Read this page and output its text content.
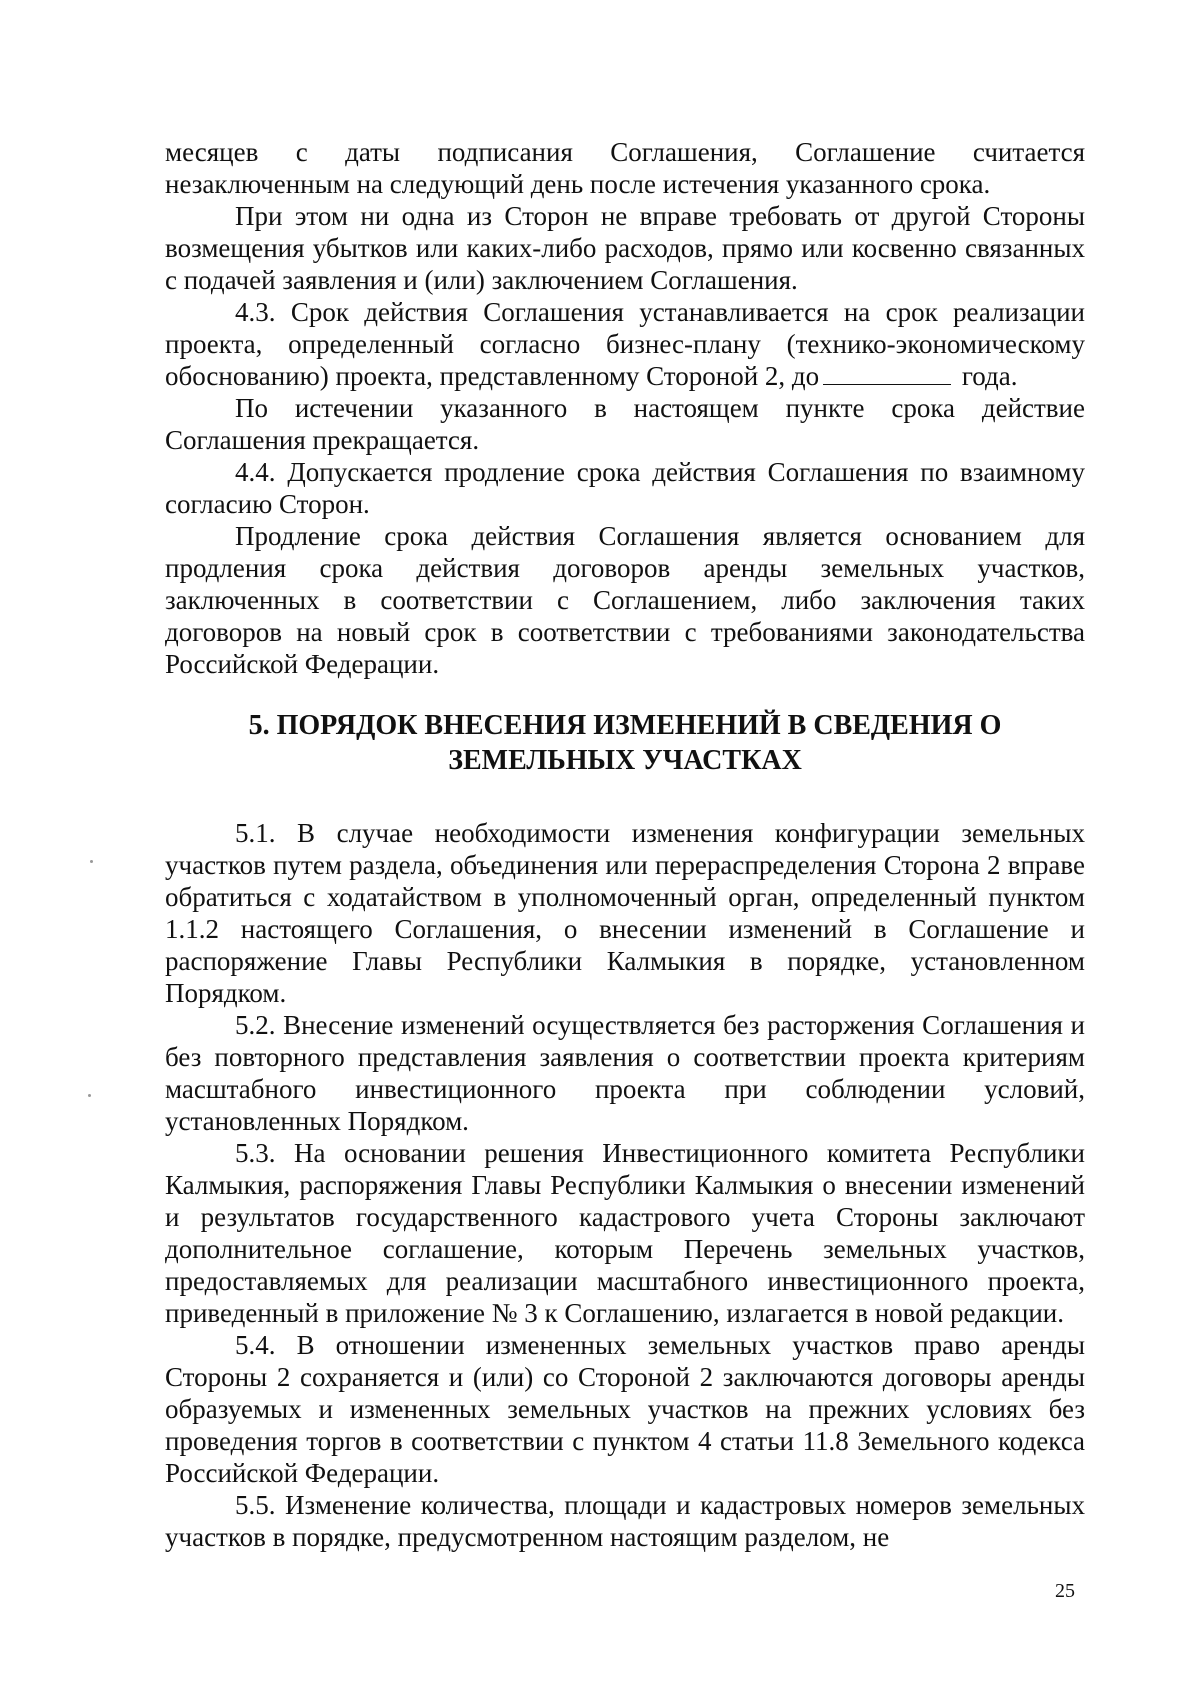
месяцев с даты подписания Соглашения, Соглашение считается незаключенным на следующий день после истечения указанного срока.

При этом ни одна из Сторон не вправе требовать от другой Стороны возмещения убытков или каких-либо расходов, прямо или косвенно связанных с подачей заявления и (или) заключением Соглашения.

4.3. Срок действия Соглашения устанавливается на срок реализации проекта, определенный согласно бизнес-плану (технико-экономическому обоснованию) проекта, представленному Стороной 2, до	года.

По истечении указанного в настоящем пункте срока действие Соглашения прекращается.

4.4. Допускается продление срока действия Соглашения по взаимному согласию Сторон.

Продление срока действия Соглашения является основанием для продления срока действия договоров аренды земельных участков, заключенных в соответствии с Соглашением, либо заключения таких договоров на новый срок в соответствии с требованиями законодательства Российской Федерации.

5. ПОРЯДОК ВНЕСЕНИЯ ИЗМЕНЕНИЙ В СВЕДЕНИЯ О
ЗЕМЕЛЬНЫХ УЧАСТКАХ

5.1. В случае необходимости изменения конфигурации земельных участков путем раздела, объединения или перераспределения Сторона 2 вправе обратиться с ходатайством в уполномоченный орган, определенный пунктом 1.1.2 настоящего Соглашения, о внесении изменений в Соглашение и распоряжение Главы Республики Калмыкия в порядке, установленном Порядком.

5.2. Внесение изменений осуществляется без расторжения Соглашения и без повторного представления заявления о соответствии проекта критериям масштабного инвестиционного проекта при соблюдении условий, установленных Порядком.

5.3. На основании решения Инвестиционного комитета Республики Калмыкия, распоряжения Главы Республики Калмыкия о внесении изменений и результатов государственного кадастрового учета Стороны заключают дополнительное соглашение, которым Перечень земельных участков, предоставляемых для реализации масштабного инвестиционного проекта, приведенный в приложение № 3 к Соглашению, излагается в новой редакции.

5.4. В отношении измененных земельных участков право аренды Стороны 2 сохраняется и (или) со Стороной 2 заключаются договоры аренды образуемых и измененных земельных участков на прежних условиях без проведения торгов в соответствии с пунктом 4 статьи 11.8 Земельного кодекса Российской Федерации.

5.5. Изменение количества, площади и кадастровых номеров земельных участков в порядке, предусмотренном настоящим разделом, не

25
